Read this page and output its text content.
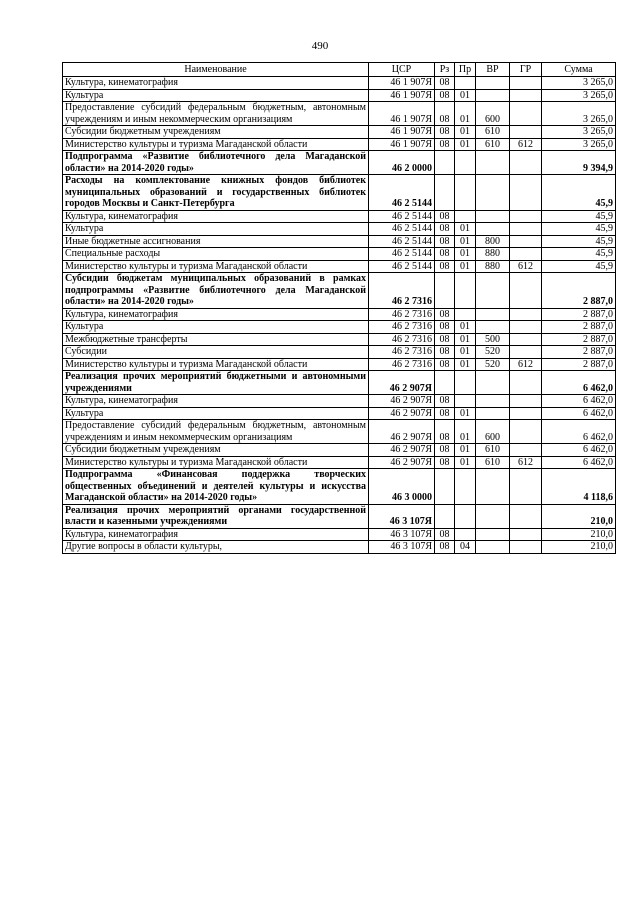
490
Наименование	ЦСР	Рз	Пр	ВР	ГР	Сумма
Культура, кинематография	46 1 907Я	08				3 265,0
Культура	46 1 907Я	08	01			3 265,0
Предоставление субсидий федеральным бюджетным, автономным учреждениям и иным некоммерческим организациям	46 1 907Я	08	01	600		3 265,0
Субсидии бюджетным учреждениям	46 1 907Я	08	01	610		3 265,0
Министерство культуры и туризма Магаданской области	46 1 907Я	08	01	610	612	3 265,0
Подпрограмма «Развитие библиотечного дела Магаданской области» на 2014-2020 годы»	46 2 0000					9 394,9
Расходы на комплектование книжных фондов библиотек муниципальных образований и государственных библиотек городов Москвы и Санкт-Петербурга	46 2 5144					45,9
Культура, кинематография	46 2 5144	08				45,9
Культура	46 2 5144	08	01			45,9
Иные бюджетные ассигнования	46 2 5144	08	01	800		45,9
Специальные расходы	46 2 5144	08	01	880		45,9
Министерство культуры и туризма Магаданской области	46 2 5144	08	01	880	612	45,9
Субсидии бюджетам муниципальных образований в рамках подпрограммы «Развитие библиотечного дела Магаданской области» на 2014-2020 годы»	46 2 7316					2 887,0
Культура, кинематография	46 2 7316	08				2 887,0
Культура	46 2 7316	08	01			2 887,0
Межбюджетные трансферты	46 2 7316	08	01	500		2 887,0
Субсидии	46 2 7316	08	01	520		2 887,0
Министерство культуры и туризма Магаданской области	46 2 7316	08	01	520	612	2 887,0
Реализация прочих мероприятий бюджетными и автономными учреждениями	46 2 907Я					6 462,0
Культура, кинематография	46 2 907Я	08				6 462,0
Культура	46 2 907Я	08	01			6 462,0
Предоставление субсидий федеральным бюджетным, автономным учреждениям и иным некоммерческим организациям	46 2 907Я	08	01	600		6 462,0
Субсидии бюджетным учреждениям	46 2 907Я	08	01	610		6 462,0
Министерство культуры и туризма Магаданской области	46 2 907Я	08	01	610	612	6 462,0
Подпрограмма «Финансовая поддержка творческих общественных объединений и деятелей культуры и искусства Магаданской области» на 2014-2020 годы»	46 3 0000					4 118,6
Реализация прочих мероприятий органами государственной власти и казенными учреждениями	46 3 107Я					210,0
Культура, кинематография	46 3 107Я	08				210,0
Другие вопросы в области культуры,	46 3 107Я	08	04			210,0
